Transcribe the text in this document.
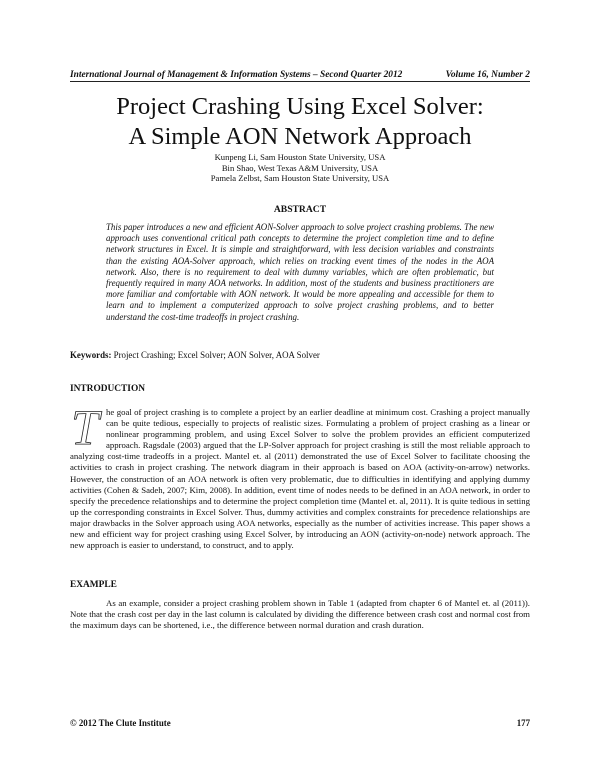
International Journal of Management & Information Systems – Second Quarter 2012	Volume 16, Number 2
Project Crashing Using Excel Solver:
A Simple AON Network Approach
Kunpeng Li, Sam Houston State University, USA
Bin Shao, West Texas A&M University, USA
Pamela Zelbst, Sam Houston State University, USA
ABSTRACT
This paper introduces a new and efficient AON-Solver approach to solve project crashing problems. The new approach uses conventional critical path concepts to determine the project completion time and to define network structures in Excel. It is simple and straightforward, with less decision variables and constraints than the existing AOA-Solver approach, which relies on tracking event times of the nodes in the AOA network. Also, there is no requirement to deal with dummy variables, which are often problematic, but frequently required in many AOA networks. In addition, most of the students and business practitioners are more familiar and comfortable with AON network. It would be more appealing and accessible for them to learn and to implement a computerized approach to solve project crashing problems, and to better understand the cost-time tradeoffs in project crashing.
Keywords: Project Crashing; Excel Solver; AON Solver, AOA Solver
INTRODUCTION
The goal of project crashing is to complete a project by an earlier deadline at minimum cost. Crashing a project manually can be quite tedious, especially to projects of realistic sizes. Formulating a problem of project crashing as a linear or nonlinear programming problem, and using Excel Solver to solve the problem provides an efficient computerized approach. Ragsdale (2003) argued that the LP-Solver approach for project crashing is still the most reliable approach to analyzing cost-time tradeoffs in a project. Mantel et. al (2011) demonstrated the use of Excel Solver to facilitate choosing the activities to crash in project crashing. The network diagram in their approach is based on AOA (activity-on-arrow) networks. However, the construction of an AOA network is often very problematic, due to difficulties in identifying and applying dummy activities (Cohen & Sadeh, 2007; Kim, 2008). In addition, event time of nodes needs to be defined in an AOA network, in order to specify the precedence relationships and to determine the project completion time (Mantel et. al, 2011). It is quite tedious in setting up the corresponding constraints in Excel Solver. Thus, dummy activities and complex constraints for precedence relationships are major drawbacks in the Solver approach using AOA networks, especially as the number of activities increase. This paper shows a new and efficient way for project crashing using Excel Solver, by introducing an AON (activity-on-node) network approach. The new approach is easier to understand, to construct, and to apply.
EXAMPLE
As an example, consider a project crashing problem shown in Table 1 (adapted from chapter 6 of Mantel et. al (2011)). Note that the crash cost per day in the last column is calculated by dividing the difference between crash cost and normal cost from the maximum days can be shortened, i.e., the difference between normal duration and crash duration.
© 2012 The Clute Institute	177
